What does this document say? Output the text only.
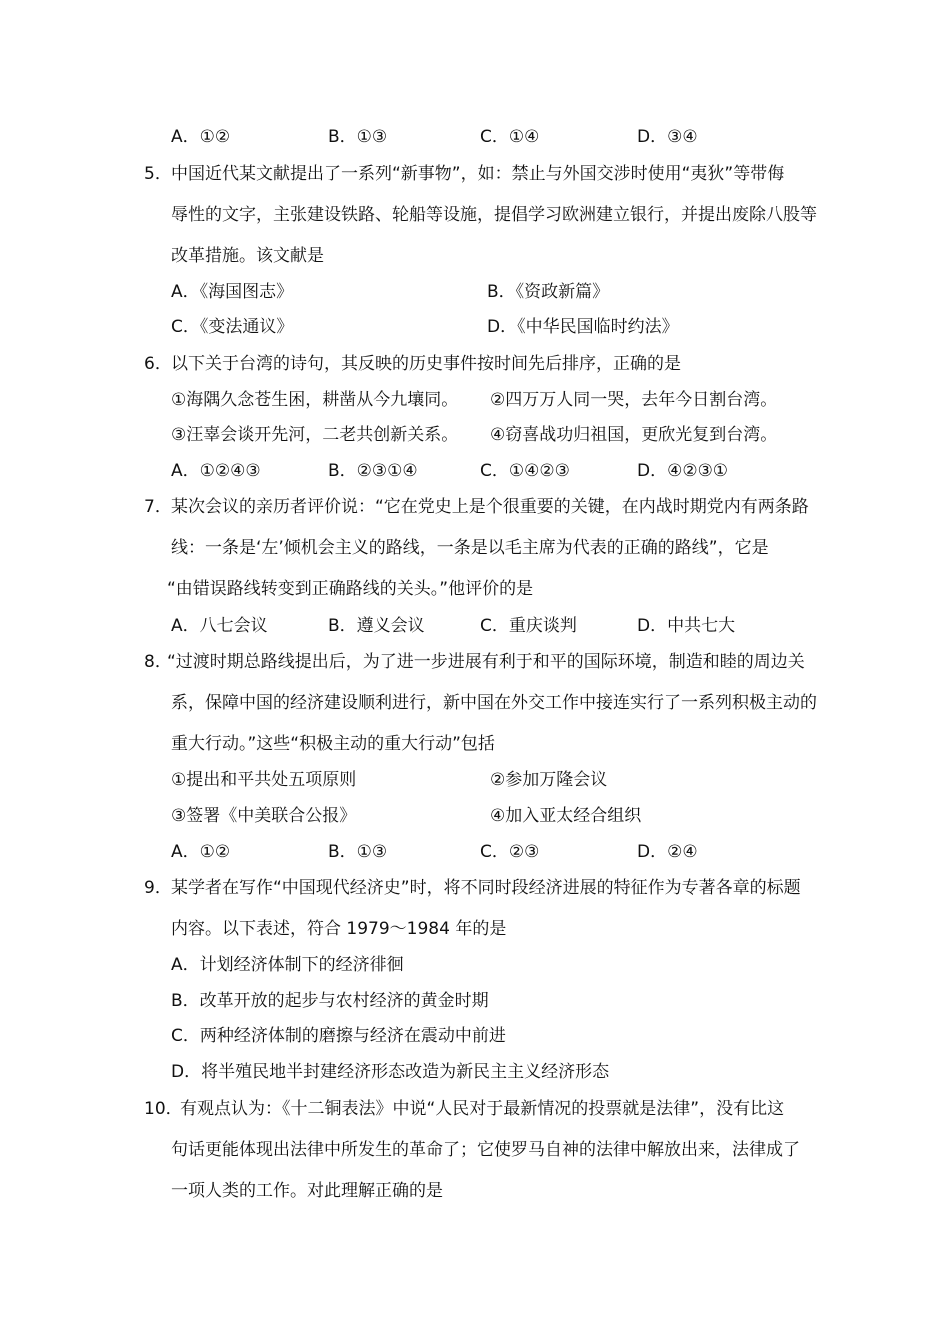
A．①②	B．①③	C．①④	D．③④
5． 中国近代某文献提出了一系列“新事物”，如：禁止与外国交涉时使用“夷狄”等带侮
辱性的文字，主张建设铁路、轮船等设施，提倡学习欧洲建立银行，并提出废除八股等
改革措施。该文献是
A．《海国图志》	B．《资政新篇》
C．《变法通议》	D．《中华民国临时约法》
6． 以下关于台湾的诗句，其反映的历史事件按时间先后排序，正确的是
①海隅久念苍生困，耕凿从今九壤同。 ②四万万人同一哭，去年今日割台湾。
③汪辜会谈开先河，二老共创新关系。 ④窃喜战功归祖国，更欣光复到台湾。
A．①②④③	B．②③①④	C．①④②③	D．④②③①
7． 某次会议的亲历者评价说：“它在党史上是个很重要的关键，在内战时期党内有两条路
线：一条是‘左’倾机会主义的路线，一条是以毛主席为代表的正确的路线”，它是
“由错误路线转变到正确路线的关头。”他评价的是
A．八七会议	B．遵义会议	C．重庆谈判	D．中共七大
8．
“过渡时期总路线提出后，为了进一步进展有利于和平的国际环境，制造和睦的周边关
系，保障中国的经济建设顺利进行，新中国在外交工作中接连实行了一系列积极主动的
重大行动。”这些“积极主动的重大行动”包括
①提出和平共处五项原则	②参加万隆会议
③签署《中美联合公报》	④加入亚太经合组织
A．①②	B．①③	C．②③	D．②④
9． 某学者在写作“中国现代经济史”时，将不同时段经济进展的特征作为专著各章的标题
内容。以下表述，符合 1979～1984 年的是
A．计划经济体制下的经济徘徊
B．改革开放的起步与农村经济的黄金时期
C．两种经济体制的磨擦与经济在震动中前进
D．将半殖民地半封建经济形态改造为新民主主义经济形态
10．
有观点认为：《十二铜表法》中说“人民对于最新情况的投票就是法律”，没有比这
句话更能体现出法律中所发生的革命了；它使罗马自神的法律中解放出来，法律成了
一项人类的工作。对此理解正确的是
